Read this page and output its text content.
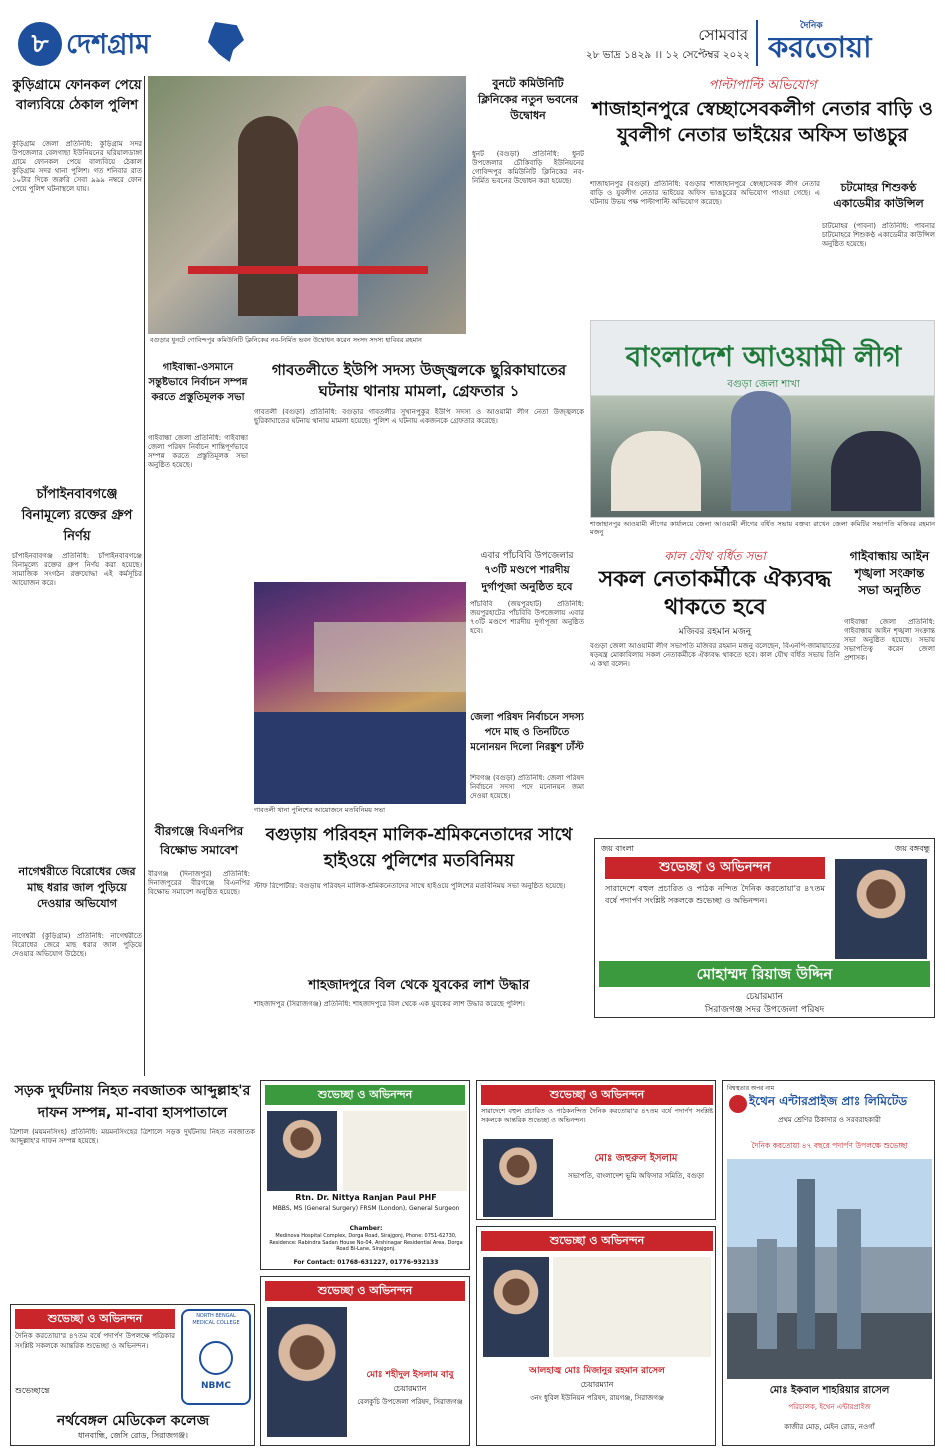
৮ দেশগ্রাম	সোমবার
২৮ ভাদ্র ১৪২৯ ।। ১২ সেপ্টেম্বর ২০২২
দৈনিক
করতোয়া
কুড়িগ্রামে ফোনকল পেয়ে বাল্যবিয়ে ঠেকাল পুলিশ
কুড়িগ্রাম জেলা প্রতিনিধি: কুড়িগ্রাম সদর উপজেলার বেলগাছা ইউনিয়নের ঘরিয়ালডাঙ্গা গ্রামে ফোনকল পেয়ে বাল্যবিয়ে ঠেকাল কুড়িগ্রাম সদর থানা পুলিশ। গত শনিবার রাত ১০টার দিকে জরুরি সেবা ৯৯৯ নম্বরে ফোন পেয়ে পুলিশ ঘটনাস্থলে যায়।
চাঁপাইনবাবগঞ্জে বিনামূল্যে রক্তের গ্রুপ নির্ণয়
চাঁপাইনবাবগঞ্জ প্রতিনিধি: চাঁপাইনবাবগঞ্জে বিনামূল্যে রক্তের গ্রুপ নির্ণয় করা হয়েছে। সামাজিক সংগঠন রক্তযোদ্ধা এই কর্মসূচির আয়োজন করে।
নাগেশ্বরীতে বিরোধের জের মাছ ধরার জাল পুড়িয়ে দেওয়ার অভিযোগ
নাগেশ্বরী (কুড়িগ্রাম) প্রতিনিধি: নাগেশ্বরীতে বিরোধের জেরে মাছ ধরার জাল পুড়িয়ে দেওয়ার অভিযোগ উঠেছে।
বগুড়ার ধুনটে গোবিন্দপুর কমিউনিটি ক্লিনিকের নব-নির্মিত ভবন উদ্বোধন করেন সংসদ সদস্য হাবিবর রহমান
বুনটে কমিউনিটি ক্লিনিকের নতুন ভবনের উদ্বোধন
ধুনট (বগুড়া) প্রতিনিধি: ধুনট উপজেলার চৌকিবাড়ি ইউনিয়নের গোবিন্দপুর কমিউনিটি ক্লিনিকের নব-নির্মিত ভবনের উদ্বোধন করা হয়েছে।
পাল্টাপাল্টি অভিযোগ
শাজাহানপুরে স্বেচ্ছাসেবকলীগ নেতার বাড়ি ও যুবলীগ নেতার ভাইয়ের অফিস ভাঙচুর
শাজাহানপুর (বগুড়া) প্রতিনিধি: বগুড়ার শাজাহানপুরে স্বেচ্ছাসেবক লীগ নেতার বাড়ি ও যুবলীগ নেতার ভাইয়ের অফিস ভাঙচুরের অভিযোগ পাওয়া গেছে। এ ঘটনায় উভয় পক্ষ পাল্টাপাল্টি অভিযোগ করেছে।
চটমোহর শিশুকণ্ঠ একাডেমীর কাউন্সিল
চাটমোহর (পাবনা) প্রতিনিধি: পাবনার চাটমোহরে শিশুকণ্ঠ একাডেমীর কাউন্সিল অনুষ্ঠিত হয়েছে।
বাংলাদেশ আওয়ামী লীগ
বগুড়া জেলা শাখা
শাজাহানপুর আওয়ামী লীগের কার্যালয়ে জেলা আওয়ামী লীগের বর্ধিত সভায় বক্তব্য রাখেন জেলা কমিটির সভাপতি মজিবর রহমান মজনু
গাইবান্ধা-ওসমানে সন্তুষ্টভাবে নির্বাচন সম্পন্ন করতে প্রস্তুতিমূলক সভা
গাইবান্ধা জেলা প্রতিনিধি: গাইবান্ধা জেলা পরিষদ নির্বাচন শান্তিপূর্ণভাবে সম্পন্ন করতে প্রস্তুতিমূলক সভা অনুষ্ঠিত হয়েছে।
গাবতলীতে ইউপি সদস্য উজ্জ্বলকে ছুরিকাঘাতের ঘটনায় থানায় মামলা, গ্রেফতার ১
গাবতলী (বগুড়া) প্রতিনিধি: বগুড়ার গাবতলীর সুখানপুকুর ইউপি সদস্য ও আওয়ামী লীগ নেতা উজ্জ্বলকে ছুরিকাঘাতের ঘটনায় থানায় মামলা হয়েছে। পুলিশ এ ঘটনায় একজনকে গ্রেফতার করেছে।
গাবতলী থানা পুলিশের আয়োজনে মতবিনিময় সভা
বীরগঞ্জে বিএনপির বিক্ষোভ সমাবেশ
বীরগঞ্জ (দিনাজপুর) প্রতিনিধি: দিনাজপুরের বীরগঞ্জে বিএনপির বিক্ষোভ সমাবেশ অনুষ্ঠিত হয়েছে।
বগুড়ায় পরিবহন মালিক-শ্রমিকনেতাদের সাথে হাইওয়ে পুলিশের মতবিনিময়
স্টাফ রিপোর্টার: বগুড়ায় পরিবহন মালিক-শ্রমিকনেতাদের সাথে হাইওয়ে পুলিশের মতবিনিময় সভা অনুষ্ঠিত হয়েছে।
শাহজাদপুরে বিল থেকে যুবকের লাশ উদ্ধার
শাহজাদপুর (সিরাজগঞ্জ) প্রতিনিধি: শাহজাদপুরে বিল থেকে এক যুবকের লাশ উদ্ধার করেছে পুলিশ।
এবার পাঁচবিবি উপজেলার
৭৩টি মণ্ডপে শারদীয় দুর্গাপূজা অনুষ্ঠিত হবে
পাঁচবিবি (জয়পুরহাট) প্রতিনিধি: জয়পুরহাটের পাঁচবিবি উপজেলায় এবার ৭৩টি মণ্ডপে শারদীয় দুর্গাপূজা অনুষ্ঠিত হবে।
জেলা পরিষদ নির্বাচনে সদস্য পদে মাছ ও তিনটিতে মনোনয়ন দিলো নিরঙ্কুশ ঢাঁস্ট
শিবগঞ্জ (বগুড়া) প্রতিনিধি: জেলা পরিষদ নির্বাচনে সদস্য পদে মনোনয়ন জমা দেওয়া হয়েছে।
কাল যৌথ বর্ধিত সভা
সকল নেতাকর্মীকে ঐক্যবদ্ধ থাকতে হবে
মজিবর রহমান মজনু
বগুড়া জেলা আওয়ামী লীগ সভাপতি মজিবর রহমান মজনু বলেছেন, বিএনপি-জামায়াতের ষড়যন্ত্র মোকাবিলায় সকল নেতাকর্মীকে ঐক্যবদ্ধ থাকতে হবে। কাল যৌথ বর্ধিত সভায় তিনি এ কথা বলেন।
গাইবান্ধায় আইন শৃঙ্খলা সংক্রান্ত সভা অনুষ্ঠিত
গাইবান্ধা জেলা প্রতিনিধি: গাইবান্ধায় আইন শৃঙ্খলা সংক্রান্ত সভা অনুষ্ঠিত হয়েছে। সভায় সভাপতিত্ব করেন জেলা প্রশাসক।
জয় বাংলা	জয় বঙ্গবন্ধু
শুভেচ্ছা ও অভিনন্দন
সারাদেশে বহুল প্রচারিত ও পাঠক নন্দিত দৈনিক করতোয়া'র ৪৭তম বর্ষে পদার্পণ সংশ্লিষ্ট সকলকে শুভেচ্ছা ও অভিনন্দন।
মোহাম্মদ রিয়াজ উদ্দিন
চেয়ারম্যান
সিরাজগঞ্জ সদর উপজেলা পরিষদ
সড়ক দুর্ঘটনায় নিহত নবজাতক আব্দুল্লাহ'র দাফন সম্পন্ন, মা-বাবা হাসপাতালে
ত্রিশাল (ময়মনসিংহ) প্রতিনিধি: ময়মনসিংহের ত্রিশালে সড়ক দুর্ঘটনায় নিহত নবজাতক আব্দুল্লাহ'র দাফন সম্পন্ন হয়েছে।
শুভেচ্ছা ও অভিনন্দন
দৈনিক করতোয়া'র ৪৭তম বর্ষে পদার্পণ উপলক্ষে পত্রিকার সংশ্লিষ্ট সকলকে আন্তরিক শুভেচ্ছা ও অভিনন্দন।
শুভেচ্ছান্তে
NORTH BENGAL MEDICAL COLLEGE
NBMC
নর্থবেঙ্গল মেডিকেল কলেজ
ধানবান্ধি, জেসি রোড, সিরাজগঞ্জ।
শুভেচ্ছা ও অভিনন্দন
Rtn. Dr. Nittya Ranjan Paul PHF
MBBS, MS (General Surgery) FRSM (London), General Surgeon
Chamber:
Medinova Hospital Complex, Dorga Road, Sirajgonj, Phone: 0751-62730, Residence: Rabindra Sadan House No-04, Arshinagar Residential Area, Dorga Road Bi-Lane, Sirajgonj.
For Contact: 01768-631227, 01776-932133
শুভেচ্ছা ও অভিনন্দন
মোঃ শহীদুল ইসলাম বাবু
চেয়ারম্যান
বেলকুচি উপজেলা পরিষদ, সিরাজগঞ্জ
শুভেচ্ছা ও অভিনন্দন
সারাদেশে বহুল প্রচারিত ও পাঠকনন্দিত দৈনিক করতোয়া'র ৪৭তম বর্ষে পদার্পণ সংশ্লিষ্ট সকলকে আন্তরিক শুভেচ্ছা ও অভিনন্দন।
মোঃ জহুরুল ইসলাম
সভাপতি, বাংলাদেশ ভূমি অফিসার সমিতি, বগুড়া
শুভেচ্ছা ও অভিনন্দন
আলহাজ্ব মোঃ মিজানুর রহমান রাসেল
চেয়ারম্যান
৩নং ধুবিল ইউনিয়ন পরিষদ, রায়গঞ্জ, সিরাজগঞ্জ
বিশ্বস্থতার অপর নাম
ইথেন এন্টারপ্রাইজ প্রাঃ লিমিটেড
প্রথম শ্রেণির ঠিকাদার ও সরবরাহকারী
দৈনিক করতোয়া ৪৭ বছরে পদার্পণ উপলক্ষে শুভেচ্ছা
মোঃ ইকবাল শাহরিয়ার রাসেল
পরিচালক, ইথেন এন্টারপ্রাইজ
কাজীর মোড়, মেইন রোড, নওগাঁ
